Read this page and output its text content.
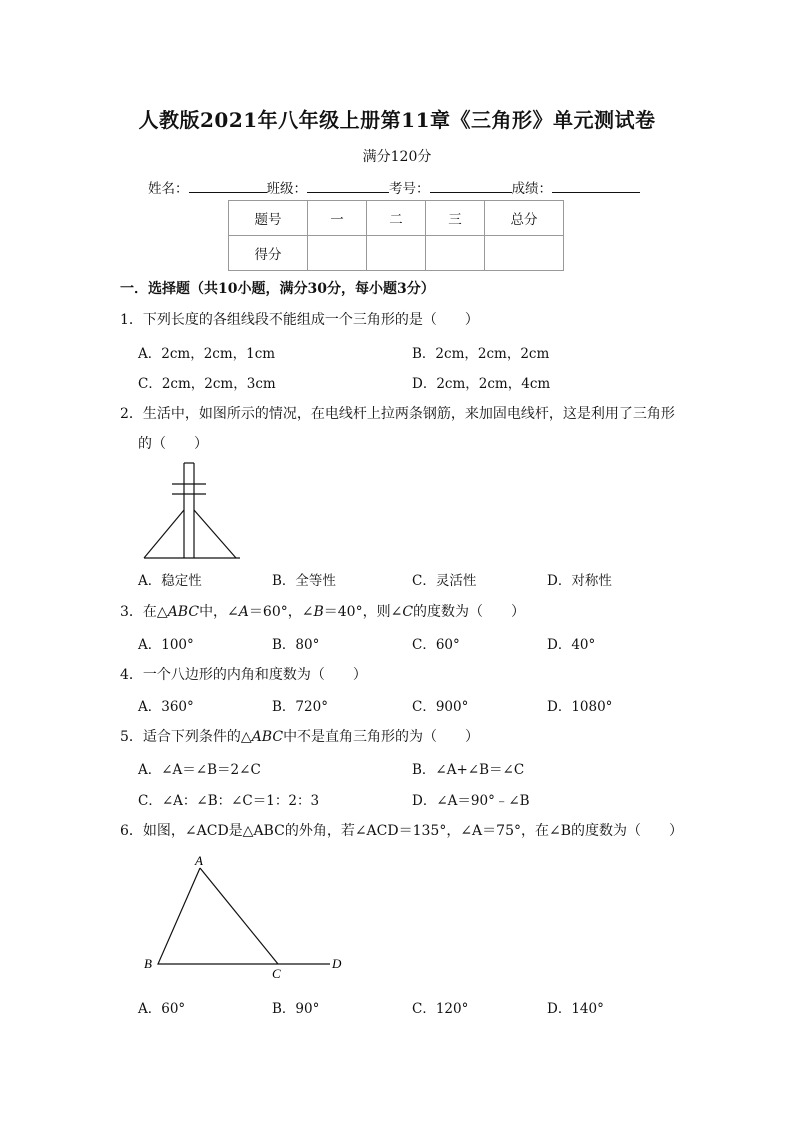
人教版2021年八年级上册第11章《三角形》单元测试卷
满分120分
姓名：	班级：	考号：	成绩：
题号	一	二	三	总分
得分				
一．选择题（共10小题，满分30分，每小题3分）
1．下列长度的各组线段不能组成一个三角形的是（　　）
A．2cm，2cm，1cm	B．2cm，2cm，2cm
C．2cm，2cm，3cm	D．2cm，2cm，4cm
2．生活中，如图所示的情况，在电线杆上拉两条钢筋，来加固电线杆，这是利用了三角形
的（　　）
A．稳定性	B．全等性	C．灵活性	D．对称性
3．在△ABC中，∠A＝60°，∠B＝40°，则∠C的度数为（　　）
A．100°	B．80°	C．60°	D．40°
4．一个八边形的内角和度数为（　　）
A．360°	B．720°	C．900°	D．1080°
5．适合下列条件的△ABC中不是直角三角形的为（　　）
A．∠A＝∠B＝2∠C	B．∠A+∠B＝∠C
C．∠A：∠B：∠C＝1：2：3	D．∠A＝90°﹣∠B
6．如图，∠ACD是△ABC的外角，若∠ACD＝135°，∠A＝75°，在∠B的度数为（　　）
A
B
C
D
A．60°	B．90°	C．120°	D．140°
